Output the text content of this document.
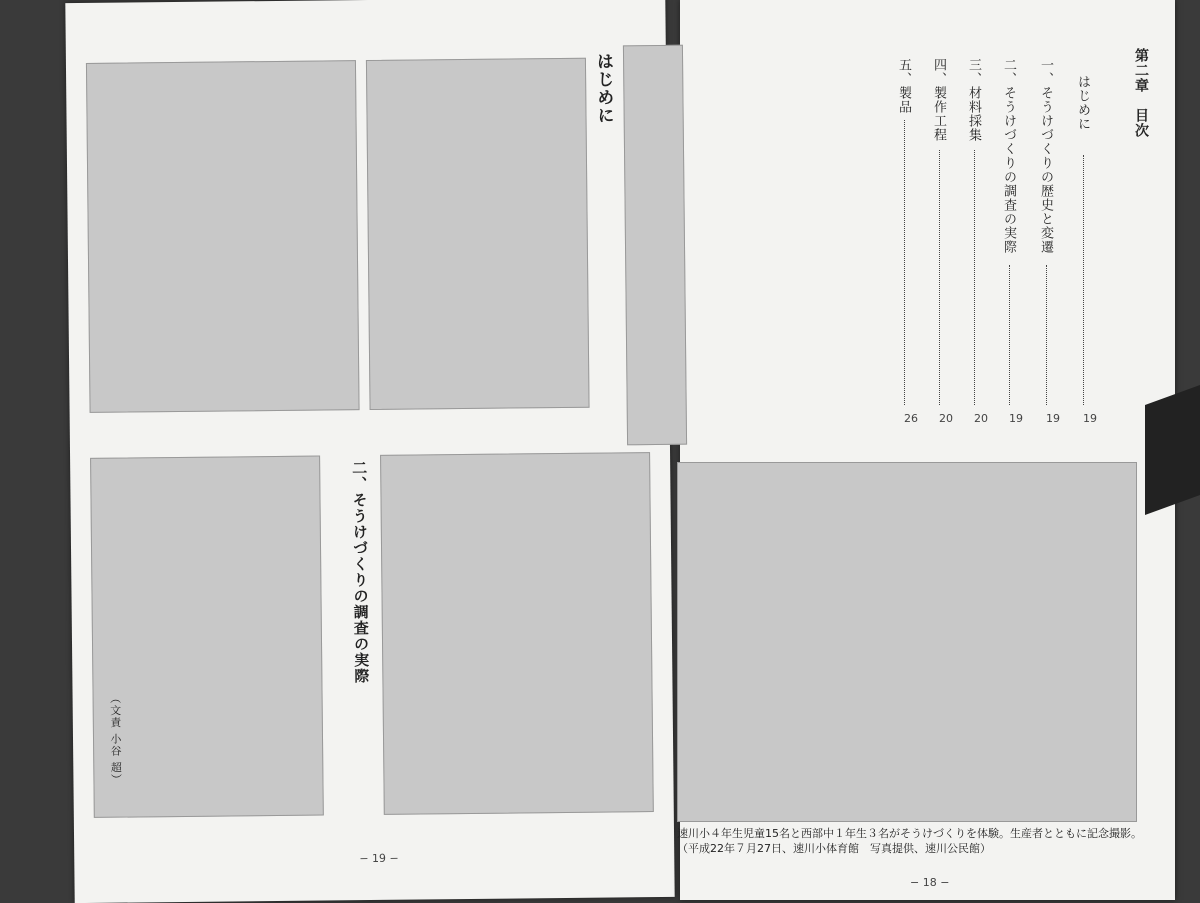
はじめに
二、そうけづくりの調査の実際
（文責 小谷 超）
− 19 −
第二章　目次
はじめに
19
一、そうけづくりの歴史と変遷
19
二、そうけづくりの調査の実際
19
三、材料採集
20
四、製作工程
20
五、製品
26
− 18 −
速川小４年生児童15名と西部中１年生３名がそうけづくりを体験。生産者とともに記念撮影。
（平成22年７月27日、速川小体育館　写真提供、速川公民館）
